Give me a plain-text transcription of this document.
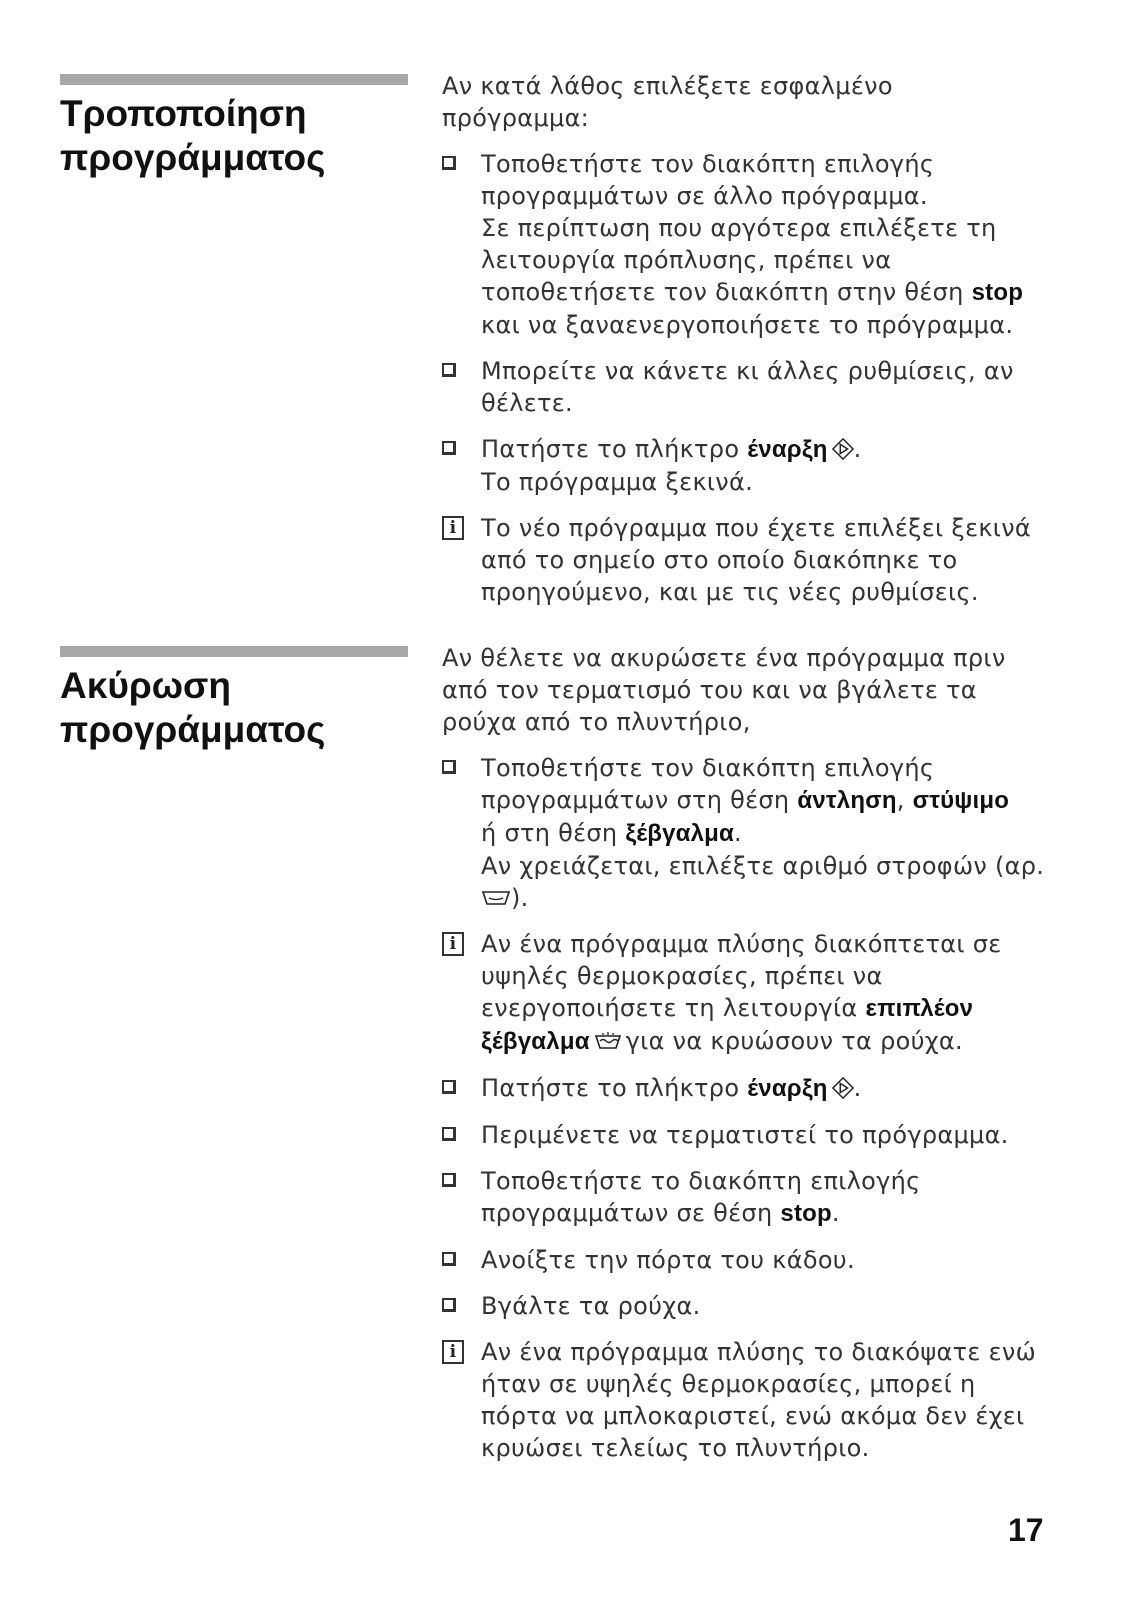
Τροποποίηση
προγράμματος

Αν κατά λάθος επιλέξετε εσφαλμένο
πρόγραμμα:

Τοποθετήστε τον διακόπτη επιλογής
προγραμμάτων σε άλλο πρόγραμμα.
Σε περίπτωση που αργότερα επιλέξετε τη
λειτουργία πρόπλυσης, πρέπει να
τοποθετήσετε τον διακόπτη στην θέση stop
και να ξαναενεργοποιήσετε το πρόγραμμα.
Μπορείτε να κάνετε κι άλλες ρυθμίσεις, αν
θέλετε.
Πατήστε το πλήκτρο έναρξη .
Το πρόγραμμα ξεκινά.
i	Το νέο πρόγραμμα που έχετε επιλέξει ξεκινά
από το σημείο στο οποίο διακόπηκε το
προηγούμενο, και με τις νέες ρυθμίσεις.
Ακύρωση
προγράμματος

Αν θέλετε να ακυρώσετε ένα πρόγραμμα πριν
από τον τερματισμό του και να βγάλετε τα
ρούχα από το πλυντήριο,

Τοποθετήστε τον διακόπτη επιλογής
προγραμμάτων στη θέση άντληση, στύψιμο
ή στη θέση ξέβγαλμα.
Αν χρειάζεται, επιλέξτε αριθμό στροφών (αρ.
).
i	Αν ένα πρόγραμμα πλύσης διακόπτεται σε
υψηλές θερμοκρασίες, πρέπει να
ενεργοποιήσετε τη λειτουργία επιπλέον
ξέβγαλμα για να κρυώσουν τα ρούχα.
Πατήστε το πλήκτρο έναρξη .
Περιμένετε να τερματιστεί το πρόγραμμα.
Τοποθετήστε το διακόπτη επιλογής
προγραμμάτων σε θέση stop.
Ανοίξτε την πόρτα του κάδου.
Βγάλτε τα ρούχα.
i	Αν ένα πρόγραμμα πλύσης το διακόψατε ενώ
ήταν σε υψηλές θερμοκρασίες, μπορεί η
πόρτα να μπλοκαριστεί, ενώ ακόμα δεν έχει
κρυώσει τελείως το πλυντήριο.
17
